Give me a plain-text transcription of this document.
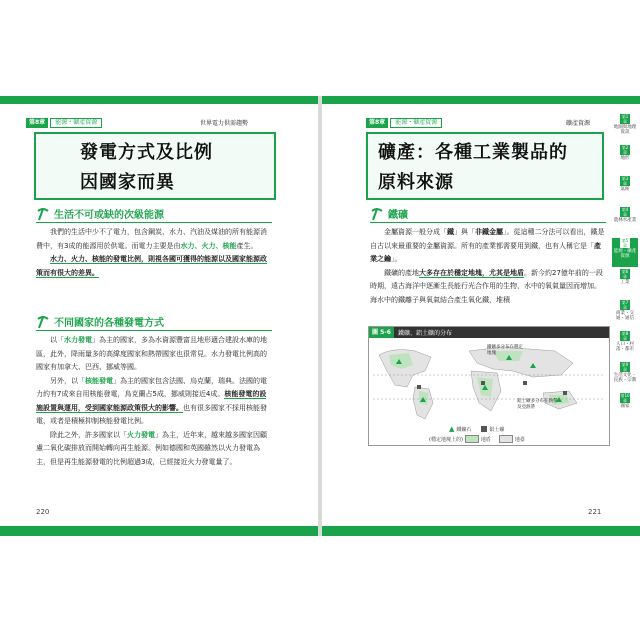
第8章	能源・礦產資源	世界電力供需趨勢
發電方式及比例
因國家而異
生活不可或缺的次級能源

我們的生活中少不了電力，包含鋼炭、水力、汽油及煤油的所有能源消費中，有3成的能源用於供電。而電力主要是由水力、火力、核能產生。

水力、火力、核能的發電比例，則視各國可獲得的能源以及國家能源政策而有很大的差異。

不同國家的各種發電方式

以「水力發電」為主的國家，多為水資源豐富且地形適合建設水庫的地區，此外，降雨量多的高緯度國家和熱帶國家也很常見。水力發電比例高的國家有加拿大、巴西、挪威等國。

另外，以「核能發電」為主的國家包含法國、烏克蘭，瑞典。法國的電力約有7成來自用核能發電，烏克蘭占5成，挪威則接近4成。核能發電的設施設置與運用，受到國家能源政策很大的影響。也有很多國家不採用核能發電，或者是積極抑制核能發電比例。

除此之外，許多國家以「火力發電」為主，近年來，越來越多國家因顧慮二氧化碳排放而開始轉向再生能源。例如德國和英國雖然以火力發電為主，但是再生能源發電的比例超過3成，已經接近火力發電量了。

220
第8章	能源・礦產資源	礦產資源
礦產：各種工業製品的
原料來源
鐵礦

金屬資源一般分成「鐵」與「非鐵金屬」。從這種二分法可以看出，鐵是自古以來最重要的金屬資源。所有的產業都需要用到鐵，也有人稱它是「產業之鑰」。

鐵礦的產地大多存在於穩定地塊，尤其是地盾。新今約27億年前的一段時期，遠古海洋中逐漸生長能行光合作用的生物，水中的氧氣量因而增加。海水中的鐵離子與氧氣結合產生氧化鐵，堆積

圖 5-6	鐵礦、鋁土礦的分布
鐵礦多分布在穩定地塊
鋁土礦多分布在熱帶及亞熱帶
▲ 鐵礦石	鋁土礦
(穩定地塊上的)	地盾	地臺
221
第1章
地圖與地理資訊
第2章
地形
第3章
氣候
第4章
農林水產業
第5章
能源・礦產資源
第6章
工業
第7章
商業・交通・通信
第8章
人口・村落・都市
第9章
生活文化・民族・宗教
第10章
國家
